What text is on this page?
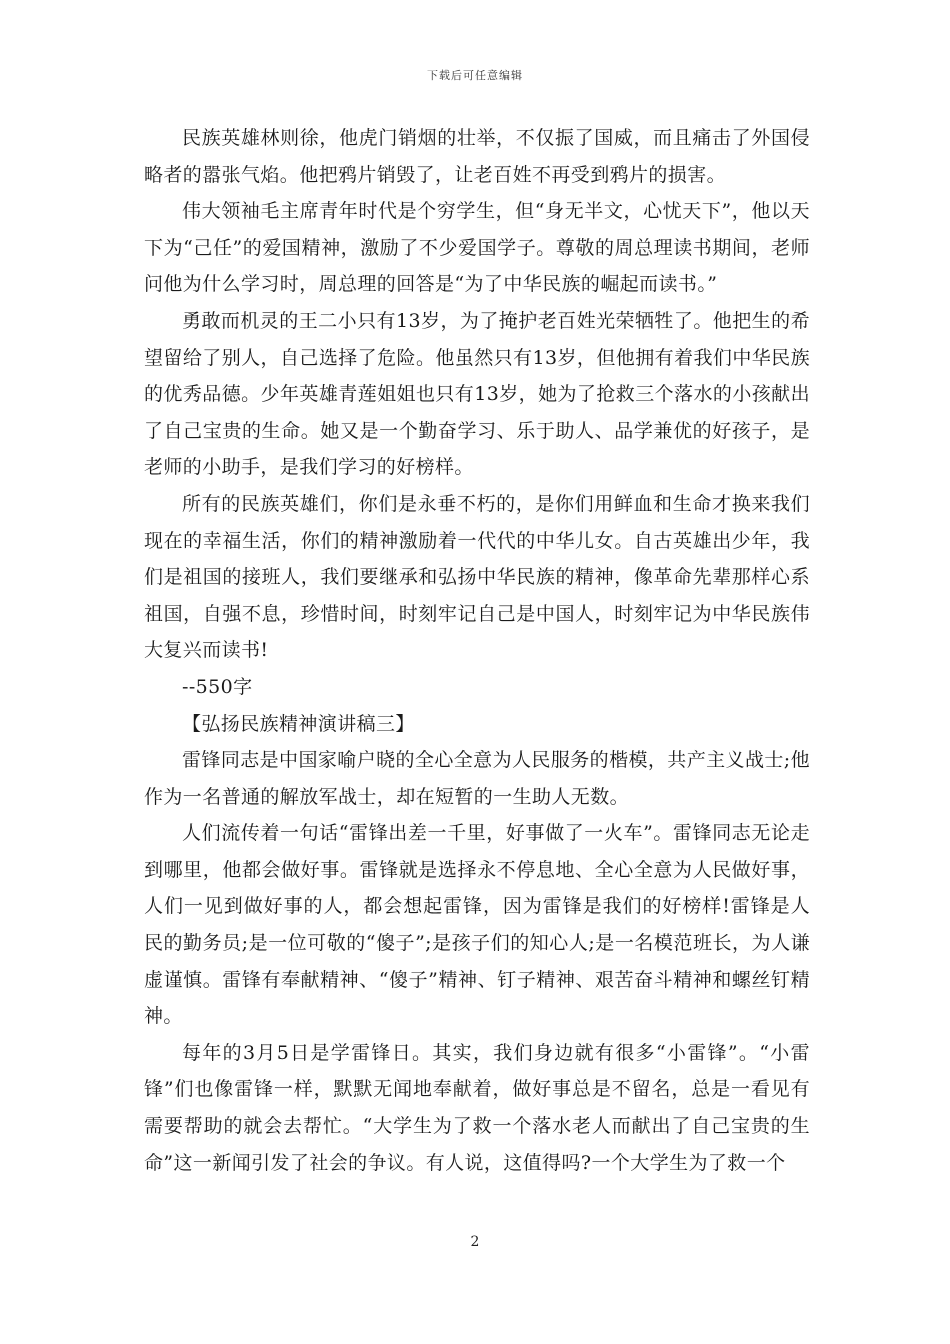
下载后可任意编辑

民族英雄林则徐，他虎门销烟的壮举，不仅振了国威，而且痛击了外国侵略者的嚣张气焰。他把鸦片销毁了，让老百姓不再受到鸦片的损害。

伟大领袖毛主席青年时代是个穷学生，但“身无半文，心忧天下”，他以天下为“己任”的爱国精神，激励了不少爱国学子。尊敬的周总理读书期间，老师问他为什么学习时，周总理的回答是“为了中华民族的崛起而读书。”

勇敢而机灵的王二小只有13岁，为了掩护老百姓光荣牺牲了。他把生的希望留给了别人，自己选择了危险。他虽然只有13岁，但他拥有着我们中华民族的优秀品德。少年英雄青莲姐姐也只有13岁，她为了抢救三个落水的小孩献出了自己宝贵的生命。她又是一个勤奋学习、乐于助人、品学兼优的好孩子，是老师的小助手，是我们学习的好榜样。

所有的民族英雄们，你们是永垂不朽的，是你们用鲜血和生命才换来我们现在的幸福生活，你们的精神激励着一代代的中华儿女。自古英雄出少年，我们是祖国的接班人，我们要继承和弘扬中华民族的精神，像革命先辈那样心系祖国，自强不息，珍惜时间，时刻牢记自己是中国人，时刻牢记为中华民族伟大复兴而读书!

--550字

【弘扬民族精神演讲稿三】

雷锋同志是中国家喻户晓的全心全意为人民服务的楷模，共产主义战士;他作为一名普通的解放军战士，却在短暂的一生助人无数。

人们流传着一句话“雷锋出差一千里，好事做了一火车”。雷锋同志无论走到哪里，他都会做好事。雷锋就是选择永不停息地、全心全意为人民做好事，人们一见到做好事的人，都会想起雷锋，因为雷锋是我们的好榜样!雷锋是人民的勤务员;是一位可敬的“傻子”;是孩子们的知心人;是一名模范班长，为人谦虚谨慎。雷锋有奉献精神、“傻子”精神、钉子精神、艰苦奋斗精神和螺丝钉精神。

每年的3月5日是学雷锋日。其实，我们身边就有很多“小雷锋”。“小雷锋”们也像雷锋一样，默默无闻地奉献着，做好事总是不留名，总是一看见有需要帮助的就会去帮忙。“大学生为了救一个落水老人而献出了自己宝贵的生命”这一新闻引发了社会的争议。有人说，这值得吗?一个大学生为了救一个

2
